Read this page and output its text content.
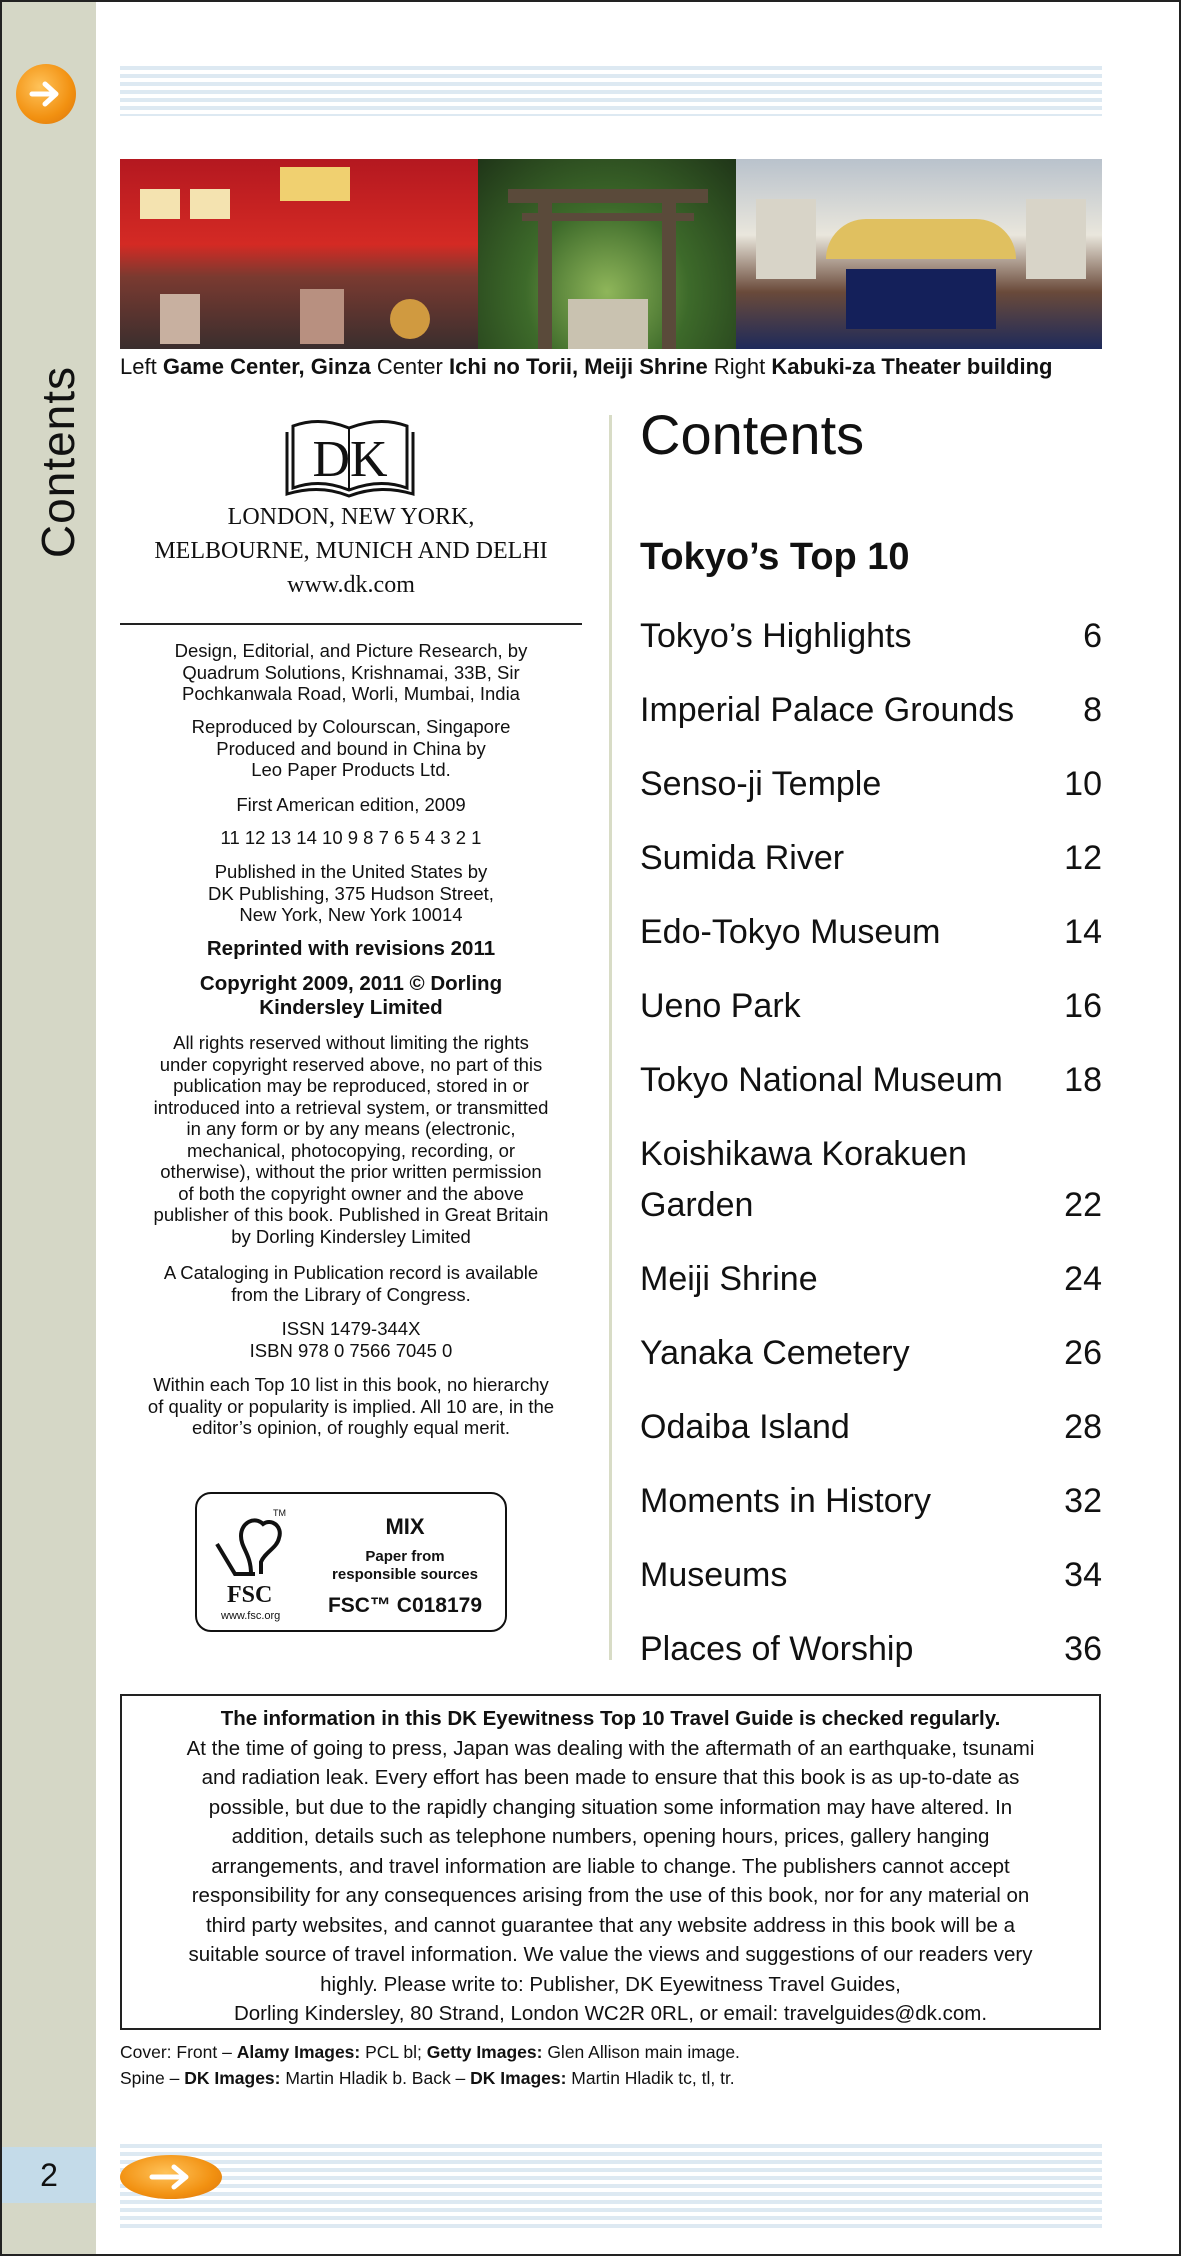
Contents
2
Left Game Center, Ginza Center Ichi no Torii, Meiji Shrine Right Kabuki-za Theater building
DK
LONDON, NEW YORK,
MELBOURNE, MUNICH AND DELHI
www.dk.com
Design, Editorial, and Picture Research, by
Quadrum Solutions, Krishnamai, 33B, Sir
Pochkanwala Road, Worli, Mumbai, India
Reproduced by Colourscan, Singapore
Produced and bound in China by
Leo Paper Products Ltd.
First American edition, 2009
11 12 13 14 10 9 8 7 6 5 4 3 2 1
Published in the United States by
DK Publishing, 375 Hudson Street,
New York, New York 10014
Reprinted with revisions 2011
Copyright 2009, 2011 © Dorling
Kindersley Limited
All rights reserved without limiting the rights
under copyright reserved above, no part of this
publication may be reproduced, stored in or
introduced into a retrieval system, or transmitted
in any form or by any means (electronic,
mechanical, photocopying, recording, or
otherwise), without the prior written permission
of both the copyright owner and the above
publisher of this book. Published in Great Britain
by Dorling Kindersley Limited
A Cataloging in Publication record is available
from the Library of Congress.
ISSN 1479-344X
ISBN 978 0 7566 7045 0
Within each Top 10 list in this book, no hierarchy
of quality or popularity is implied. All 10 are, in the
editor’s opinion, of roughly equal merit.
TM
FSC
www.fsc.org
MIX
Paper from
responsible sources
FSC™ C018179
Contents
Tokyo’s Top 10
Tokyo’s Highlights	6
Imperial Palace Grounds	8
Senso-ji Temple	10
Sumida River	12
Edo-Tokyo Museum	14
Ueno Park	16
Tokyo National Museum	18
Koishikawa Korakuen Garden	22
Meiji Shrine	24
Yanaka Cemetery	26
Odaiba Island	28
Moments in History	32
Museums	34
Places of Worship	36
The information in this DK Eyewitness Top 10 Travel Guide is checked regularly.
At the time of going to press, Japan was dealing with the aftermath of an earthquake, tsunami
and radiation leak. Every effort has been made to ensure that this book is as up-to-date as
possible, but due to the rapidly changing situation some information may have altered. In
addition, details such as telephone numbers, opening hours, prices, gallery hanging
arrangements, and travel information are liable to change. The publishers cannot accept
responsibility for any consequences arising from the use of this book, nor for any material on
third party websites, and cannot guarantee that any website address in this book will be a
suitable source of travel information. We value the views and suggestions of our readers very
highly. Please write to: Publisher, DK Eyewitness Travel Guides,
Dorling Kindersley, 80 Strand, London WC2R 0RL, or email: travelguides@dk.com.
Cover: Front – Alamy Images: PCL bl; Getty Images: Glen Allison main image.
Spine – DK Images: Martin Hladik b. Back – DK Images: Martin Hladik tc, tl, tr.
